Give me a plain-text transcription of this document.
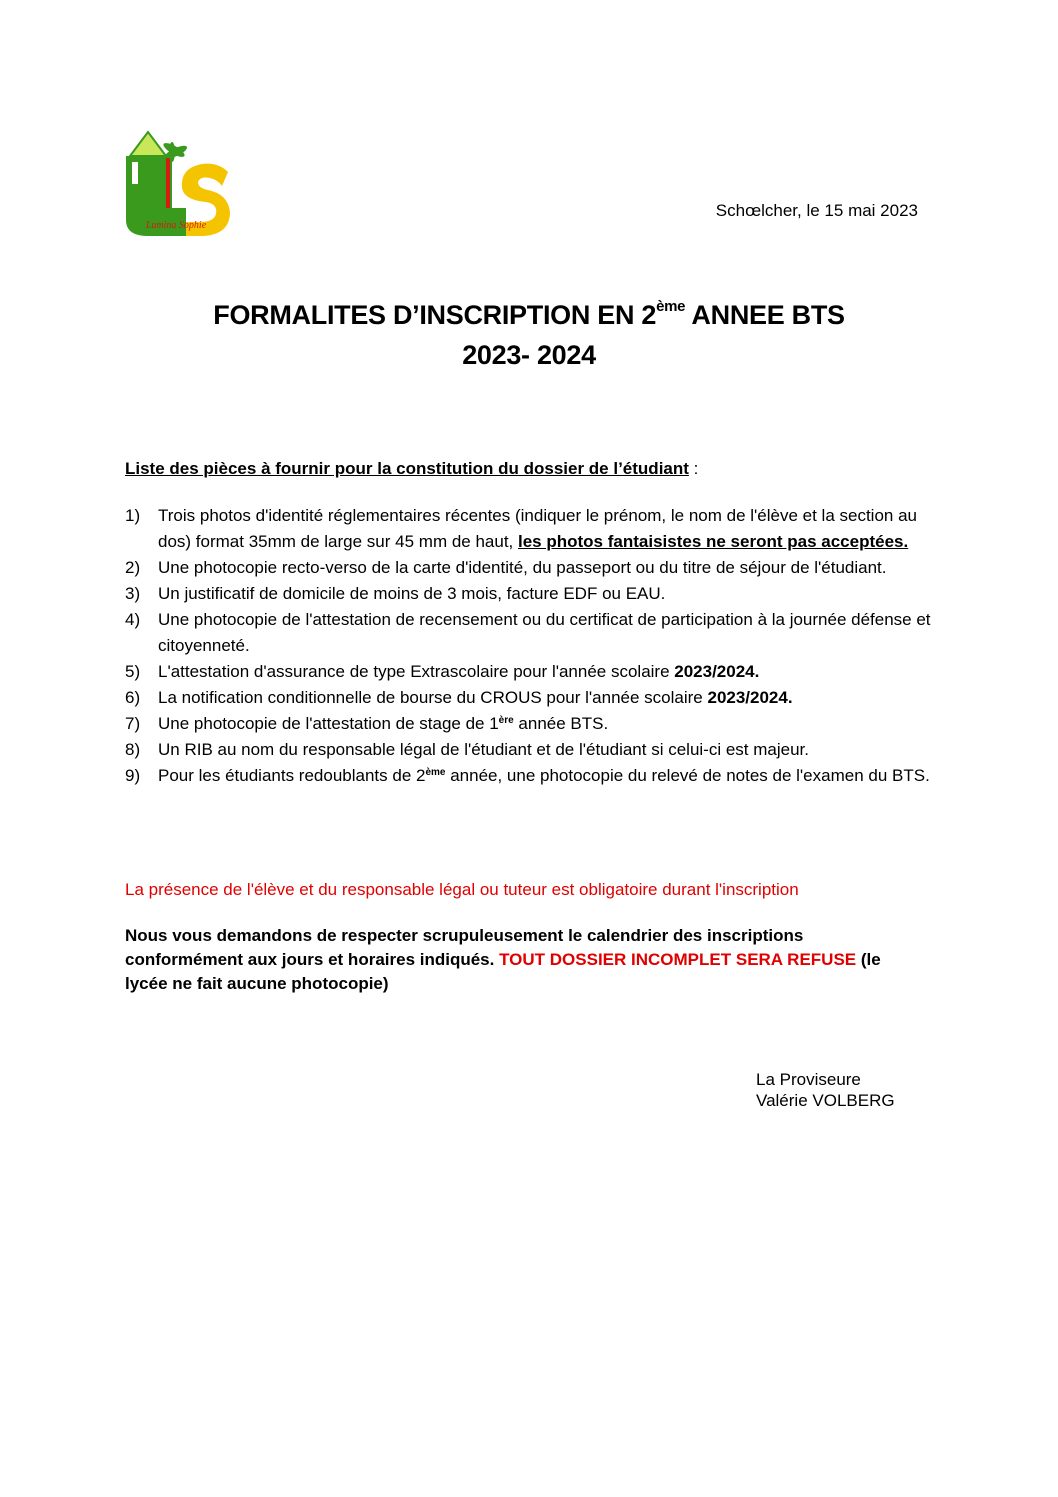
Lumina Sophie
Schœlcher, le 15 mai 2023
FORMALITES D’INSCRIPTION EN 2ème ANNEE BTS
2023- 2024
Liste des pièces à fournir pour la constitution du dossier de l’étudiant :
1) Trois photos d'identité réglementaires récentes (indiquer le prénom, le nom de l'élève et la section au dos) format 35mm de large sur 45 mm de haut, les photos fantaisistes ne seront pas acceptées.
2) Une photocopie recto-verso de la carte d'identité, du passeport ou du titre de séjour de l'étudiant.
3) Un justificatif de domicile de moins de 3 mois, facture EDF ou EAU.
4) Une photocopie de l'attestation de recensement ou du certificat de participation à la journée défense et citoyenneté.
5) L'attestation d'assurance de type Extrascolaire pour l'année scolaire 2023/2024.
6) La notification conditionnelle de bourse du CROUS pour l'année scolaire 2023/2024.
7) Une photocopie de l'attestation de stage de 1ère année BTS.
8) Un RIB au nom du responsable légal de l'étudiant et de l'étudiant si celui-ci est majeur.
9) Pour les étudiants redoublants de 2ème année, une photocopie du relevé de notes de l'examen du BTS.
La présence de l'élève et du responsable légal ou tuteur est obligatoire durant l'inscription
Nous vous demandons de respecter scrupuleusement le calendrier des inscriptions conformément aux jours et horaires indiqués. TOUT DOSSIER INCOMPLET SERA REFUSE (le lycée ne fait aucune photocopie)
La Proviseure
Valérie VOLBERG
